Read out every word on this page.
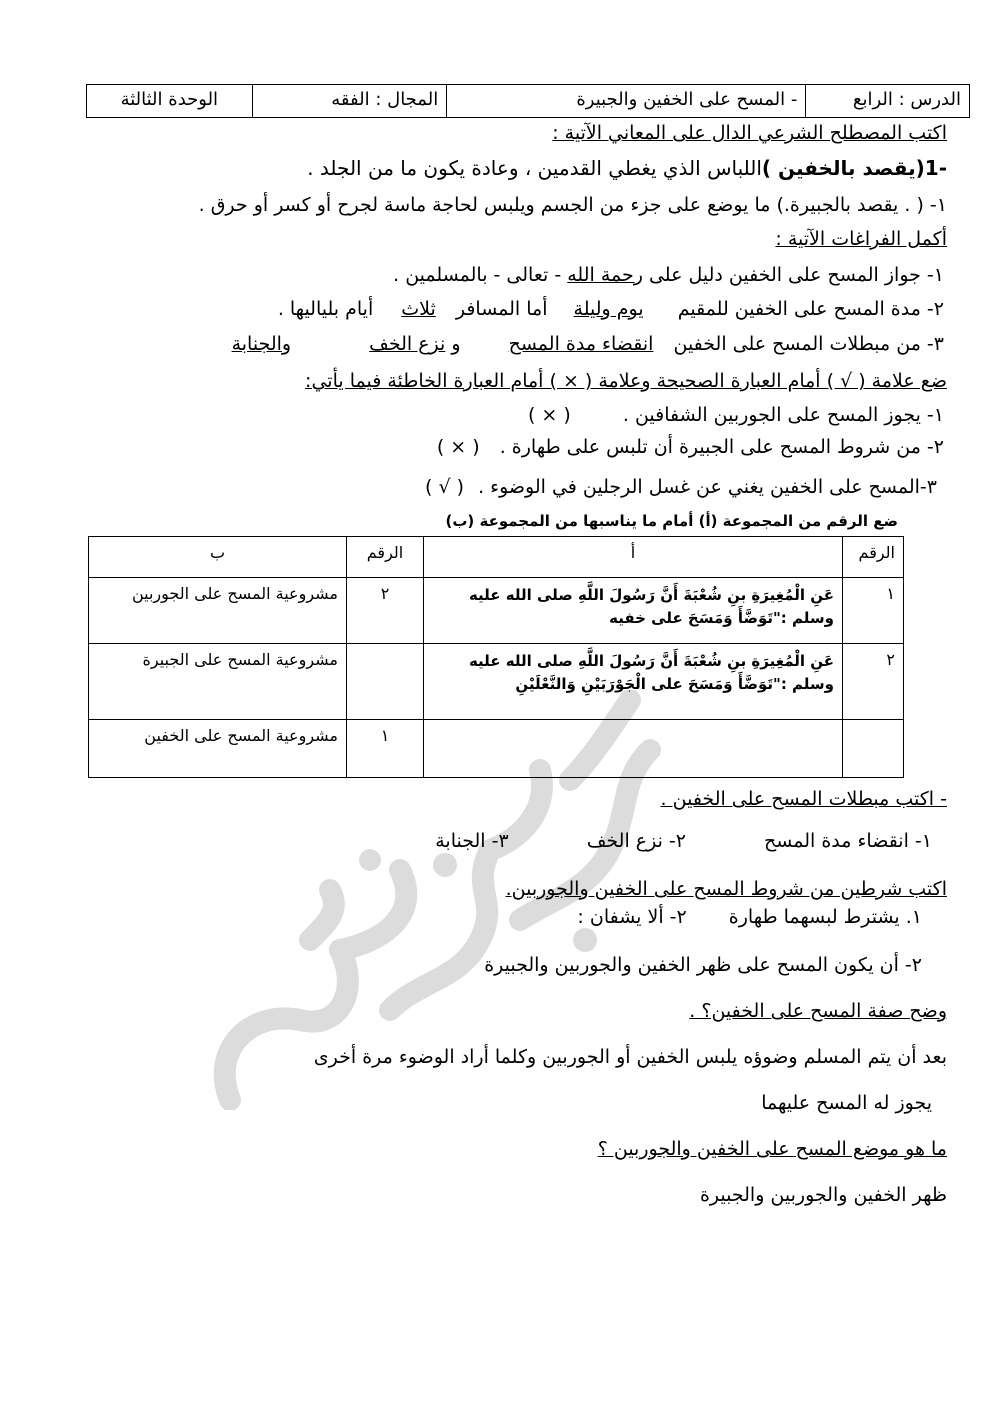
الدرس : الرابع
- المسح على الخفين والجبيرة
المجال : الفقه
الوحدة الثالثة
اكتب المصطلح الشرعي الدال على المعاني الآتية :
-1(يقصد بالخفين )اللباس الذي يغطي القدمين ، وعادة يكون ما من الجلد .
١- ( . يقصد بالجبيرة.) ما يوضع على جزء من الجسم ويلبس لحاجة ماسة لجرح أو كسر أو حرق .
أكمل الفراغات الآتية :
١- جواز المسح على الخفين دليل على رحمة الله - تعالى - بالمسلمين .
٢- مدة المسح على الخفين للمقيم يوم وليلة أما المسافر ثلاث أيام بلياليها .
٣- من مبطلات المسح على الخفين انقضاء مدة المسح و نزع الخف والجنابة
ضع علامة ( √ ) أمام العبارة الصحيحة وعلامة ( × ) أمام العبارة الخاطئة فيما يأتي:
١- يجوز المسح على الجوربين الشفافين . ( × )
٢- من شروط المسح على الجبيرة أن تلبس على طهارة . ( × )
٣-المسح على الخفين يغني عن غسل الرجلين في الوضوء . ( √ )
ضع الرقم من المجموعة (أ) أمام ما يناسبها من المجموعة (ب)
الرقم	أ	الرقم	ب
١	عَنِ الْمُغِيرَةِ بنِ شُعْبَةَ أَنَّ رَسُولَ اللَّهِ صلى الله عليه وسلم :"تَوَضَّأَ وَمَسَحَ على خفيه	٢	مشروعية المسح على الجوربين
٢	عَنِ الْمُغِيرَةِ بنِ شُعْبَةَ أَنَّ رَسُولَ اللَّهِ صلى الله عليه وسلم :"تَوَضَّأَ وَمَسَحَ على الْجَوْرَبَيْنِ وَالنَّعْلَيْنِ		مشروعية المسح على الجبيرة
		١	مشروعية المسح على الخفين
- اكتب مبطلات المسح على الخفين .
١- انقضاء مدة المسح ٢- نزع الخف ٣- الجنابة
اكتب شرطين من شروط المسح على الخفين والجوربين.
١. يشترط لبسهما طهارة ٢- ألا يشفان :
٢- أن يكون المسح على ظهر الخفين والجوربين والجبيرة
وضح صفة المسح على الخفين؟ .
بعد أن يتم المسلم وضوؤه يلبس الخفين أو الجوربين وكلما أراد الوضوء مرة أخرى
يجوز له المسح عليهما
ما هو موضع المسح على الخفين والجوربين ؟
ظهر الخفين والجوربين والجبيرة
